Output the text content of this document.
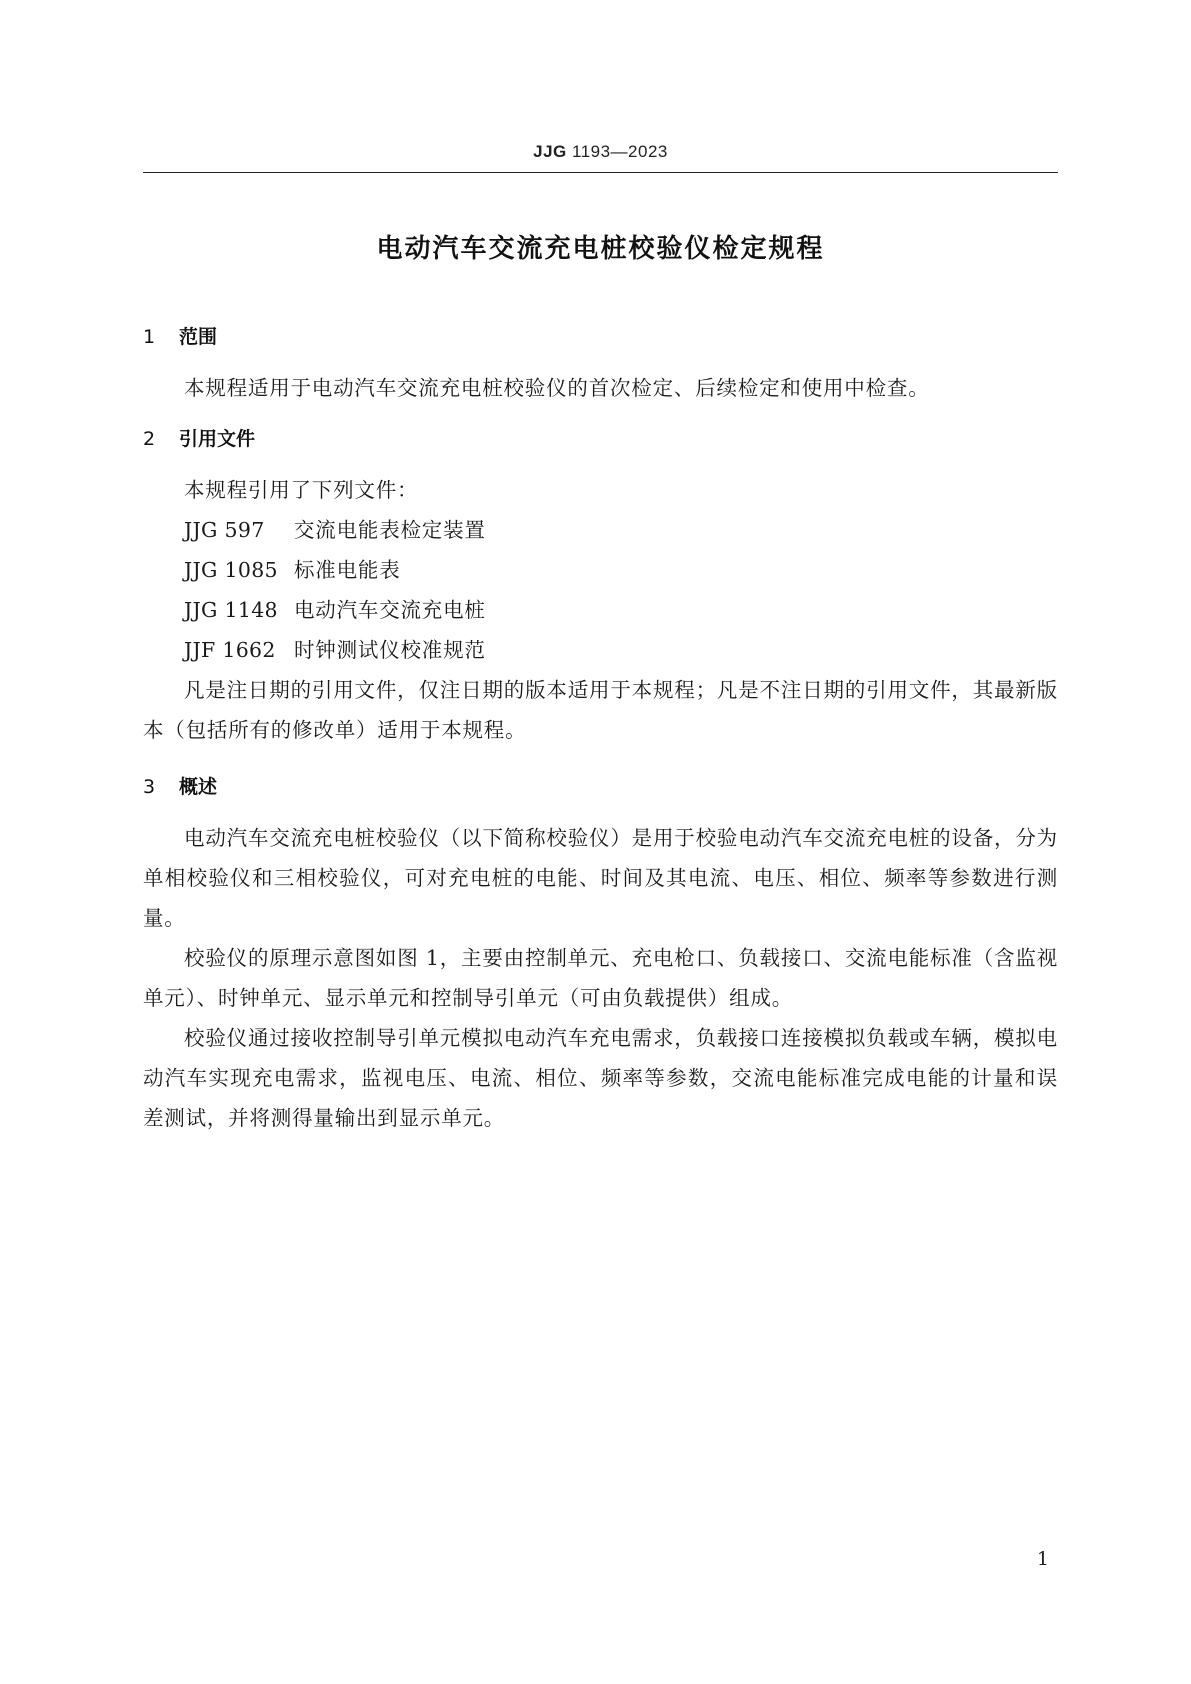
JJG 1193—2023
电动汽车交流充电桩校验仪检定规程
1 范围

本规程适用于电动汽车交流充电桩校验仪的首次检定、后续检定和使用中检查。

2 引用文件

本规程引用了下列文件：

JJG 597 交流电能表检定装置

JJG 1085 标准电能表

JJG 1148 电动汽车交流充电桩

JJF 1662 时钟测试仪校准规范

凡是注日期的引用文件，仅注日期的版本适用于本规程；凡是不注日期的引用文件，其最新版本（包括所有的修改单）适用于本规程。

3 概述

电动汽车交流充电桩校验仪（以下简称校验仪）是用于校验电动汽车交流充电桩的设备，分为单相校验仪和三相校验仪，可对充电桩的电能、时间及其电流、电压、相位、频率等参数进行测量。

校验仪的原理示意图如图 1，主要由控制单元、充电枪口、负载接口、交流电能标准（含监视单元）、时钟单元、显示单元和控制导引单元（可由负载提供）组成。

校验仪通过接收控制导引单元模拟电动汽车充电需求，负载接口连接模拟负载或车辆，模拟电动汽车实现充电需求，监视电压、电流、相位、频率等参数，交流电能标准完成电能的计量和误差测试，并将测得量输出到显示单元。

1
